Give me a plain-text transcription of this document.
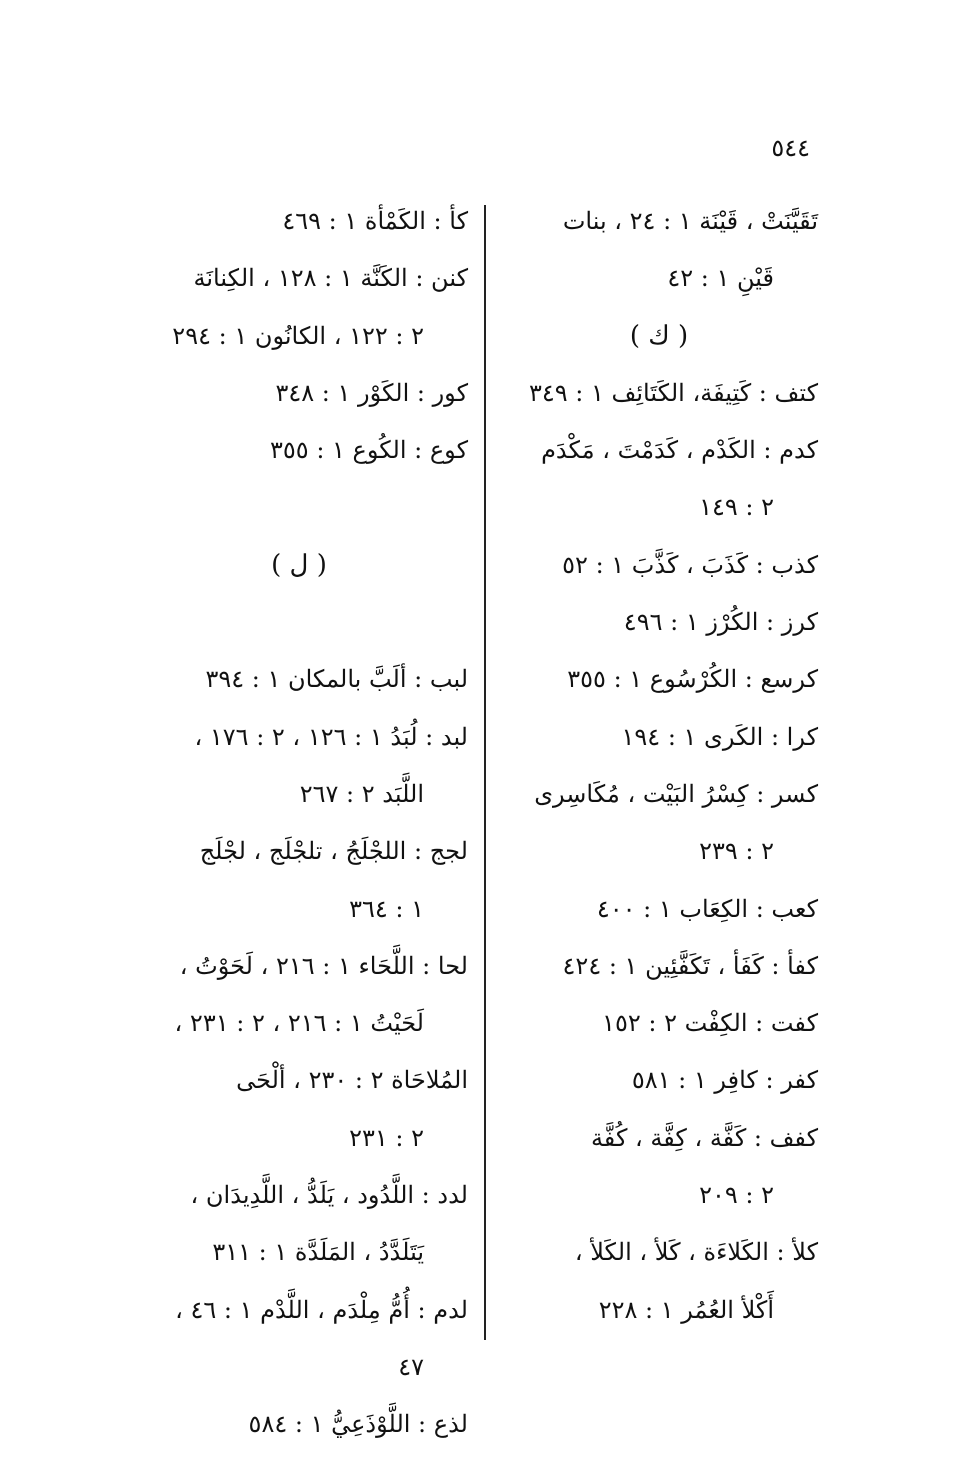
٥٤٤
تَقَيَّنَتْ ، قَيْنَة ١ : ٢٤ ، بنات
قَيْنِ ١ : ٤٢
( ك )
كتف : كَتِيفَة، الكَتَائِف ١ : ٣٤٩
كدم : الكَدْم ، كَدَمْتَ ، مَكْدَم
٢ : ١٤٩
كذب : كَذَبَ ، كَذَّبَ ١ : ٥٢
كرز : الكُرْز ١ : ٤٩٦
كرسع : الكُرْسُوع ١ : ٣٥٥
كرا : الكَرى ١ : ١٩٤
كسر : كِسْرُ البَيْت ، مُكَاسِرى
٢ : ٢٣٩
كعب : الكِعَاب ١ : ٤٠٠
كفأ : كَفَأ ، تَكَفَّئِين ١ : ٤٢٤
كفت : الكِفْت ٢ : ١٥٢
كفر : كافِر ١ : ٥٨١
كفف : كَفَّة ، كِفَّة ، كُفَّة
٢ : ٢٠٩
كلأ : الكَلاءَة ، كَلأ ، الكَلأ ،
أَكْلأ العُمُر ١ : ٢٢٨
كأ : الكَمْأة ١ : ٤٦٩
كنن : الكَنَّة ١ : ١٢٨ ، الكِنانَة
٢ : ١٢٢ ، الكانُون ١ : ٢٩٤
كور : الكَوْر ١ : ٣٤٨
كوع : الكُوع ١ : ٣٥٥
( ل )
لبب : ألَبَّ بالمكان ١ : ٣٩٤
لبد : لُبَدُ ١ : ١٢٦ ، ٢ : ١٧٦ ،
اللَّبَد ٢ : ٢٦٧
لجج : اللجْلَجُ ، تلجْلَج ، لجْلَج
١ : ٣٦٤
لحا : اللَّحَاء ١ : ٢١٦ ، لَحَوْتُ ،
لَحَيْتُ ١ : ٢١٦ ، ٢ : ٢٣١ ،
المُلاحَاة ٢ : ٢٣٠ ، ألْحَى
٢ : ٢٣١
لدد : اللَّدُود ، يَلَدُّ ، اللَّدِيدَان ،
يَتَلَدَّدُ ، المَلَدَّة ١ : ٣١١
لدم : أُمُّ مِلْدَم ، اللَّدْم ١ : ٤٦ ،
٤٧
لذع : اللَّوْذَعِيُّ ١ : ٥٨٤
